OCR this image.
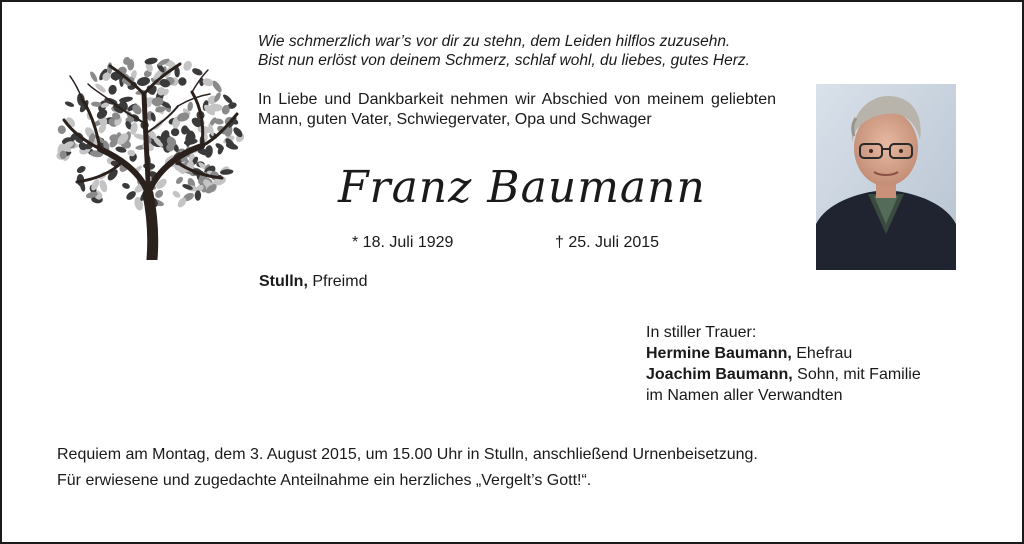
Wie schmerzlich war’s vor dir zu stehn, dem Leiden hilflos zuzusehn.
Bist nun erlöst von deinem Schmerz, schlaf wohl, du liebes, gutes Herz.
In Liebe und Dankbarkeit nehmen wir Abschied von meinem geliebten Mann, guten Vater, Schwiegervater, Opa und Schwager
Franz Baumann
* 18. Juli 1929	† 25. Juli 2015
Stulln, Pfreimd
In stiller Trauer:
Hermine Baumann, Ehefrau
Joachim Baumann, Sohn, mit Familie
im Namen aller Verwandten
Requiem am Montag, dem 3. August 2015, um 15.00 Uhr in Stulln, anschließend Urnenbeisetzung.
Für erwiesene und zugedachte Anteilnahme ein herzliches „Vergelt’s Gott!“.
